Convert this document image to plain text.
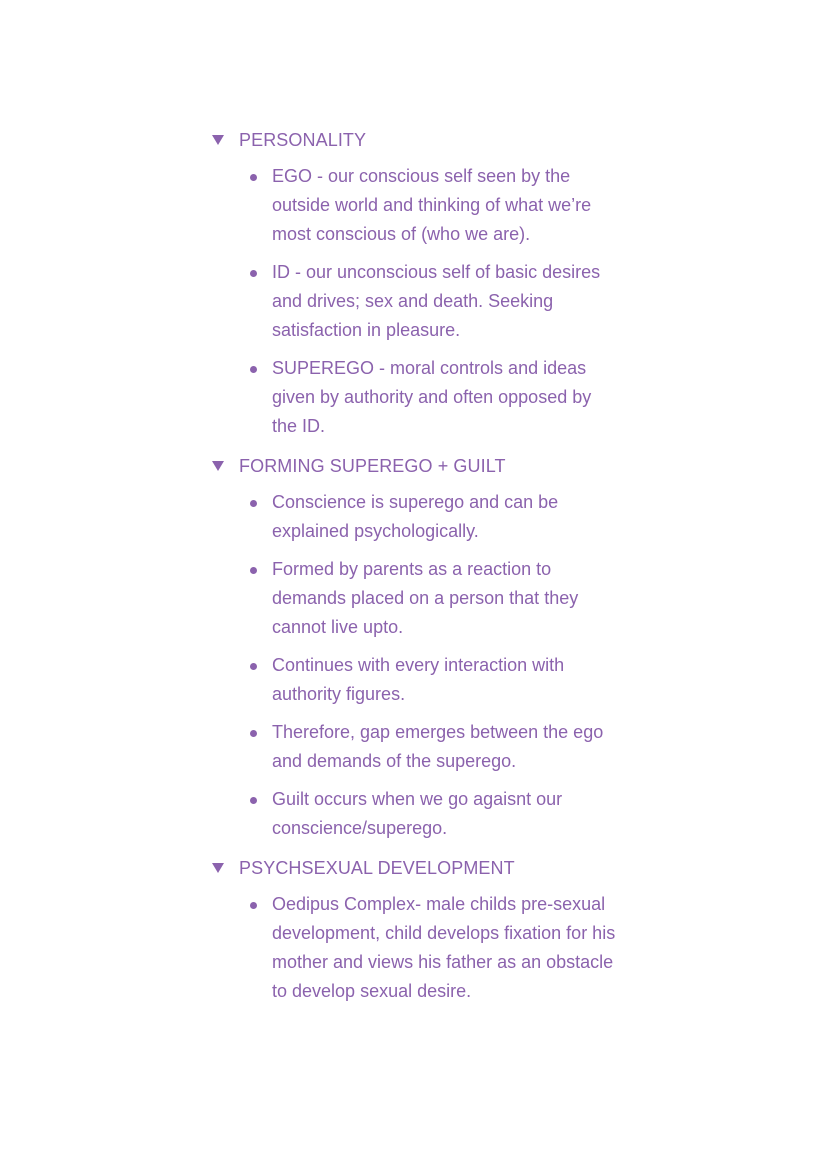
PERSONALITY
EGO - our conscious self seen by the outside world and thinking of what we’re most conscious of (who we are).
ID - our unconscious self of basic desires and drives; sex and death. Seeking satisfaction in pleasure.
SUPEREGO - moral controls and ideas given by authority and often opposed by the ID.
FORMING SUPEREGO + GUILT
Conscience is superego and can be explained psychologically.
Formed by parents as a reaction to demands placed on a person that they cannot live upto.
Continues with every interaction with authority figures.
Therefore, gap emerges between the ego and demands of the superego.
Guilt occurs when we go agaisnt our conscience/superego.
PSYCHSEXUAL DEVELOPMENT
Oedipus Complex- male childs pre-sexual development, child develops fixation for his mother and views his father as an obstacle to develop sexual desire.
